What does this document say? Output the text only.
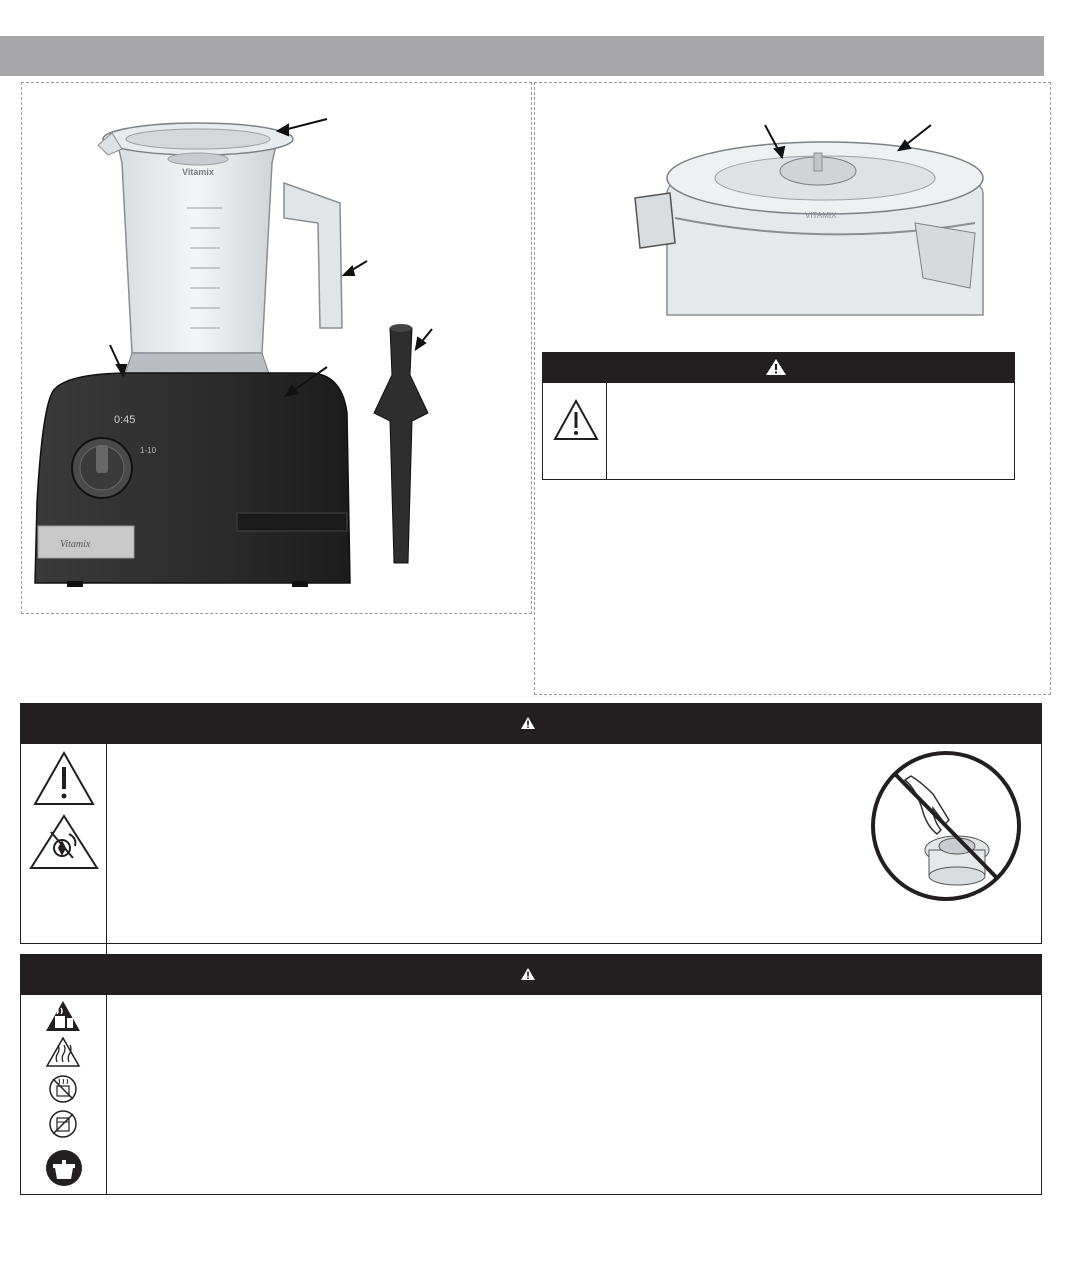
Vitamix
0:45
1-10
Vitamix
VITAMIX
